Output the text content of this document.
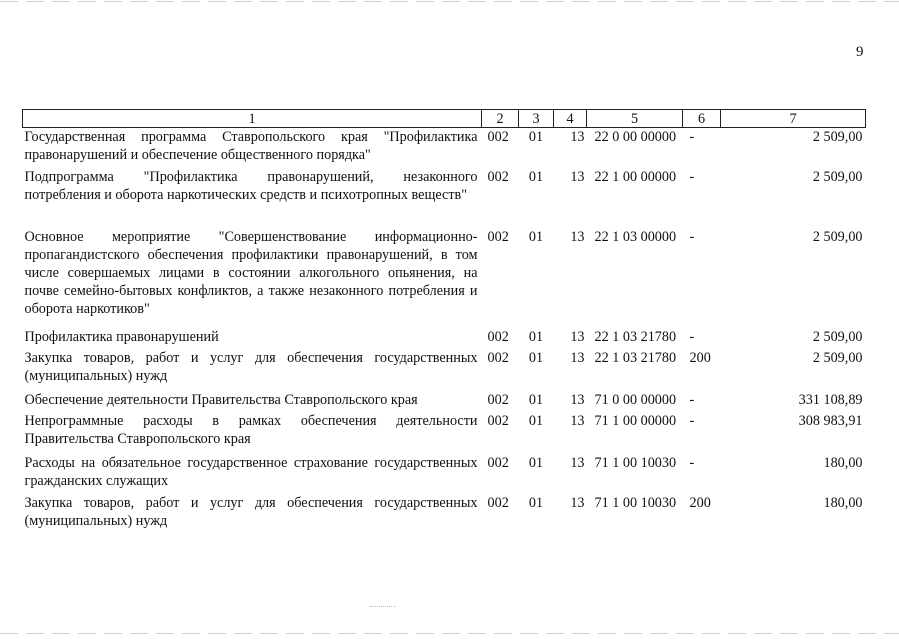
9
1	2	3	4	5	6	7
Государственная программа Ставропольского края "Профилактика правонарушений и обеспечение общественного порядка"	002	01	13	22 0 00 00000	-	2 509,00
Подпрограмма "Профилактика правонарушений, незаконного потребления и оборота наркотических средств и психотропных веществ"	002	01	13	22 1 00 00000	-	2 509,00
Основное мероприятие "Совершенствование информационно-пропагандистского обеспечения профилактики правонарушений, в том числе совершаемых лицами в состоянии алкогольного опьянения, на почве семейно-бытовых конфликтов, а также незаконного потребления и оборота наркотиков"	002	01	13	22 1 03 00000	-	2 509,00
Профилактика правонарушений	002	01	13	22 1 03 21780	-	2 509,00
Закупка товаров, работ и услуг для обеспечения государственных (муниципальных) нужд	002	01	13	22 1 03 21780	200	2 509,00
Обеспечение деятельности Правительства Ставропольского края	002	01	13	71 0 00 00000	-	331 108,89
Непрограммные расходы в рамках обеспечения деятельности Правительства Ставропольского края	002	01	13	71 1 00 00000	-	308 983,91
Расходы на обязательное государственное страхование государственных гражданских служащих	002	01	13	71 1 00 10030	-	180,00
Закупка товаров, работ и услуг для обеспечения государственных (муниципальных) нужд	002	01	13	71 1 00 10030	200	180,00
